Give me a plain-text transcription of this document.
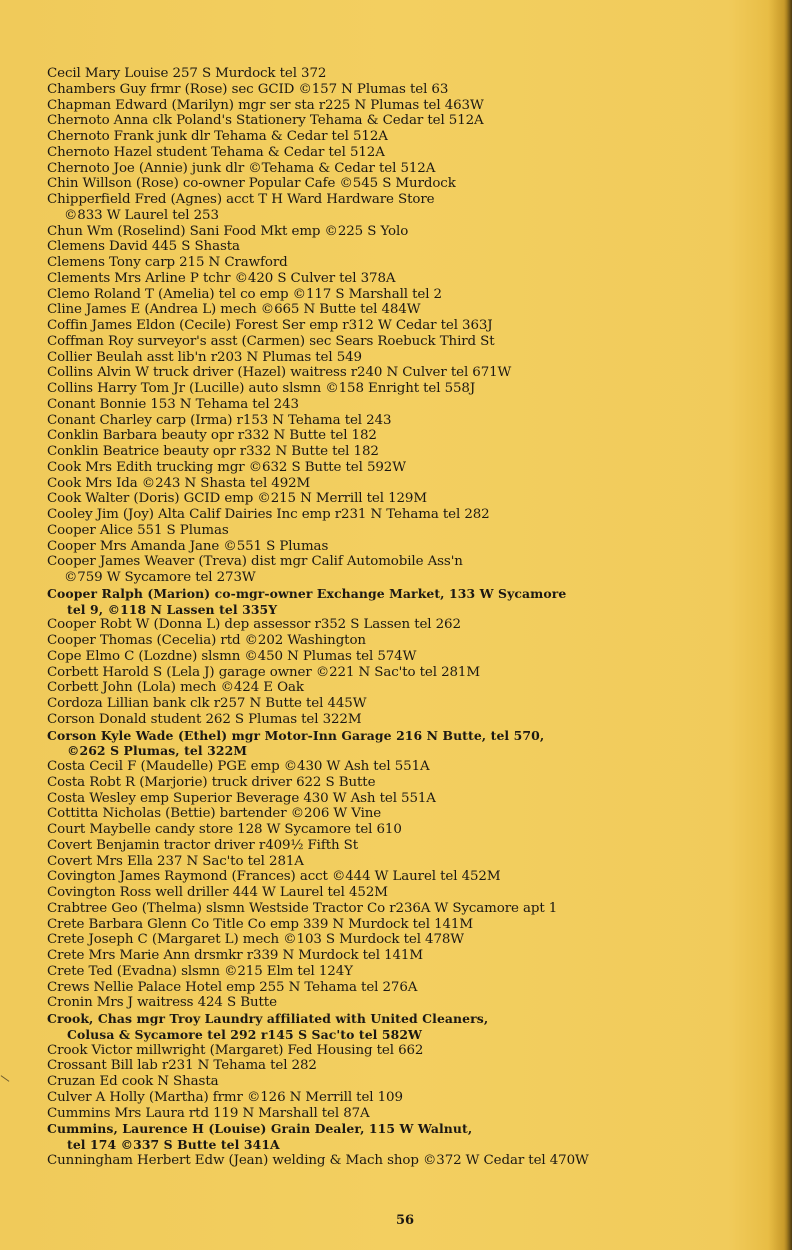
Cecil Mary Louise 257 S Murdock tel 372
Chambers Guy frmr (Rose) sec GCID ©157 N Plumas tel 63
Chapman Edward (Marilyn) mgr ser sta r225 N Plumas tel 463W
Chernoto Anna clk Poland's Stationery Tehama & Cedar tel 512A
Chernoto Frank junk dlr Tehama & Cedar tel 512A
Chernoto Hazel student Tehama & Cedar tel 512A
Chernoto Joe (Annie) junk dlr ©Tehama & Cedar tel 512A
Chin Willson (Rose) co-owner Popular Cafe ©545 S Murdock
Chipperfield Fred (Agnes) acct T H Ward Hardware Store
©833 W Laurel tel 253
Chun Wm (Roselind) Sani Food Mkt emp ©225 S Yolo
Clemens David 445 S Shasta
Clemens Tony carp 215 N Crawford
Clements Mrs Arline P tchr ©420 S Culver tel 378A
Clemo Roland T (Amelia) tel co emp ©117 S Marshall tel 2
Cline James E (Andrea L) mech ©665 N Butte tel 484W
Coffin James Eldon (Cecile) Forest Ser emp r312 W Cedar tel 363J
Coffman Roy surveyor's asst (Carmen) sec Sears Roebuck Third St
Collier Beulah asst lib'n r203 N Plumas tel 549
Collins Alvin W truck driver (Hazel) waitress r240 N Culver tel 671W
Collins Harry Tom Jr (Lucille) auto slsmn ©158 Enright tel 558J
Conant Bonnie 153 N Tehama tel 243
Conant Charley carp (Irma) r153 N Tehama tel 243
Conklin Barbara beauty opr r332 N Butte tel 182
Conklin Beatrice beauty opr r332 N Butte tel 182
Cook Mrs Edith trucking mgr ©632 S Butte tel 592W
Cook Mrs Ida ©243 N Shasta tel 492M
Cook Walter (Doris) GCID emp ©215 N Merrill tel 129M
Cooley Jim (Joy) Alta Calif Dairies Inc emp r231 N Tehama tel 282
Cooper Alice 551 S Plumas
Cooper Mrs Amanda Jane ©551 S Plumas
Cooper James Weaver (Treva) dist mgr Calif Automobile Ass'n
©759 W Sycamore tel 273W
Cooper Ralph (Marion) co-mgr-owner Exchange Market, 133 W Sycamore
tel 9, ©118 N Lassen tel 335Y
Cooper Robt W (Donna L) dep assessor r352 S Lassen tel 262
Cooper Thomas (Cecelia) rtd ©202 Washington
Cope Elmo C (Lozdne) slsmn ©450 N Plumas tel 574W
Corbett Harold S (Lela J) garage owner ©221 N Sac'to tel 281M
Corbett John (Lola) mech ©424 E Oak
Cordoza Lillian bank clk r257 N Butte tel 445W
Corson Donald student 262 S Plumas tel 322M
Corson Kyle Wade (Ethel) mgr Motor-Inn Garage 216 N Butte, tel 570,
©262 S Plumas, tel 322M
Costa Cecil F (Maudelle) PGE emp ©430 W Ash tel 551A
Costa Robt R (Marjorie) truck driver 622 S Butte
Costa Wesley emp Superior Beverage 430 W Ash tel 551A
Cottitta Nicholas (Bettie) bartender ©206 W Vine
Court Maybelle candy store 128 W Sycamore tel 610
Covert Benjamin tractor driver r409½ Fifth St
Covert Mrs Ella 237 N Sac'to tel 281A
Covington James Raymond (Frances) acct ©444 W Laurel tel 452M
Covington Ross well driller 444 W Laurel tel 452M
Crabtree Geo (Thelma) slsmn Westside Tractor Co r236A W Sycamore apt 1
Crete Barbara Glenn Co Title Co emp 339 N Murdock tel 141M
Crete Joseph C (Margaret L) mech ©103 S Murdock tel 478W
Crete Mrs Marie Ann drsmkr r339 N Murdock tel 141M
Crete Ted (Evadna) slsmn ©215 Elm tel 124Y
Crews Nellie Palace Hotel emp 255 N Tehama tel 276A
Cronin Mrs J waitress 424 S Butte
Crook, Chas mgr Troy Laundry affiliated with United Cleaners,
Colusa & Sycamore tel 292 r145 S Sac'to tel 582W
Crook Victor millwright (Margaret) Fed Housing tel 662
Crossant Bill lab r231 N Tehama tel 282
Cruzan Ed cook N Shasta
Culver A Holly (Martha) frmr ©126 N Merrill tel 109
Cummins Mrs Laura rtd 119 N Marshall tel 87A
Cummins, Laurence H (Louise) Grain Dealer, 115 W Walnut,
tel 174 ©337 S Butte tel 341A
Cunningham Herbert Edw (Jean) welding & Mach shop ©372 W Cedar tel 470W
56
